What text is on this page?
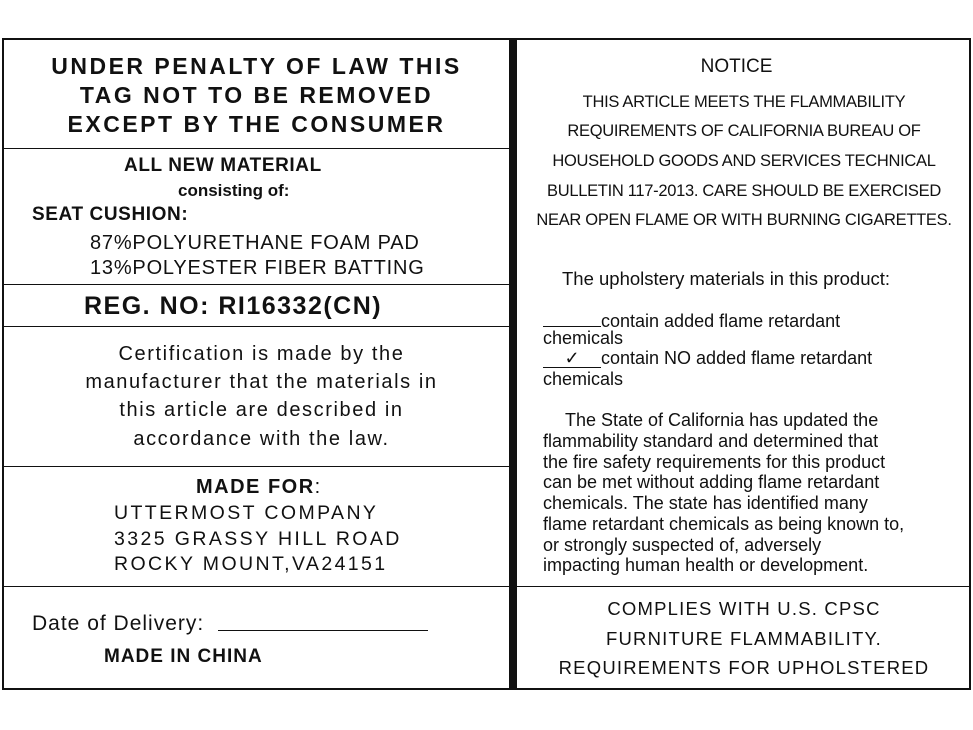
UNDER PENALTY OF LAW THIS
TAG NOT TO BE REMOVED
EXCEPT BY THE CONSUMER
ALL NEW MATERIAL
consisting of:
SEAT CUSHION:
87%POLYURETHANE FOAM PAD
13%POLYESTER FIBER BATTING
REG. NO: RI16332(CN)
Certification is made by the
manufacturer that the materials in
this article are described in
accordance with the law.
MADE FOR:
UTTERMOST COMPANY
3325 GRASSY HILL ROAD
ROCKY MOUNT,VA24151
Date of Delivery:
MADE IN CHINA
NOTICE
THIS ARTICLE MEETS THE FLAMMABILITY
REQUIREMENTS OF CALIFORNIA BUREAU OF
HOUSEHOLD GOODS AND SERVICES TECHNICAL
BULLETIN 117-2013. CARE SHOULD BE EXERCISED
NEAR OPEN FLAME OR WITH BURNING CIGARETTES.
The upholstery materials in this product:
contain added flame retardant
chemicals
✓ contain NO added flame retardant
chemicals
The State of California has updated the
flammability standard and determined that
the fire safety requirements for this product
can be met without adding flame retardant
chemicals. The state has identified many
flame retardant chemicals as being known to,
or strongly suspected of, adversely
impacting human health or development.
COMPLIES WITH U.S. CPSC
FURNITURE FLAMMABILITY.
REQUIREMENTS FOR UPHOLSTERED
